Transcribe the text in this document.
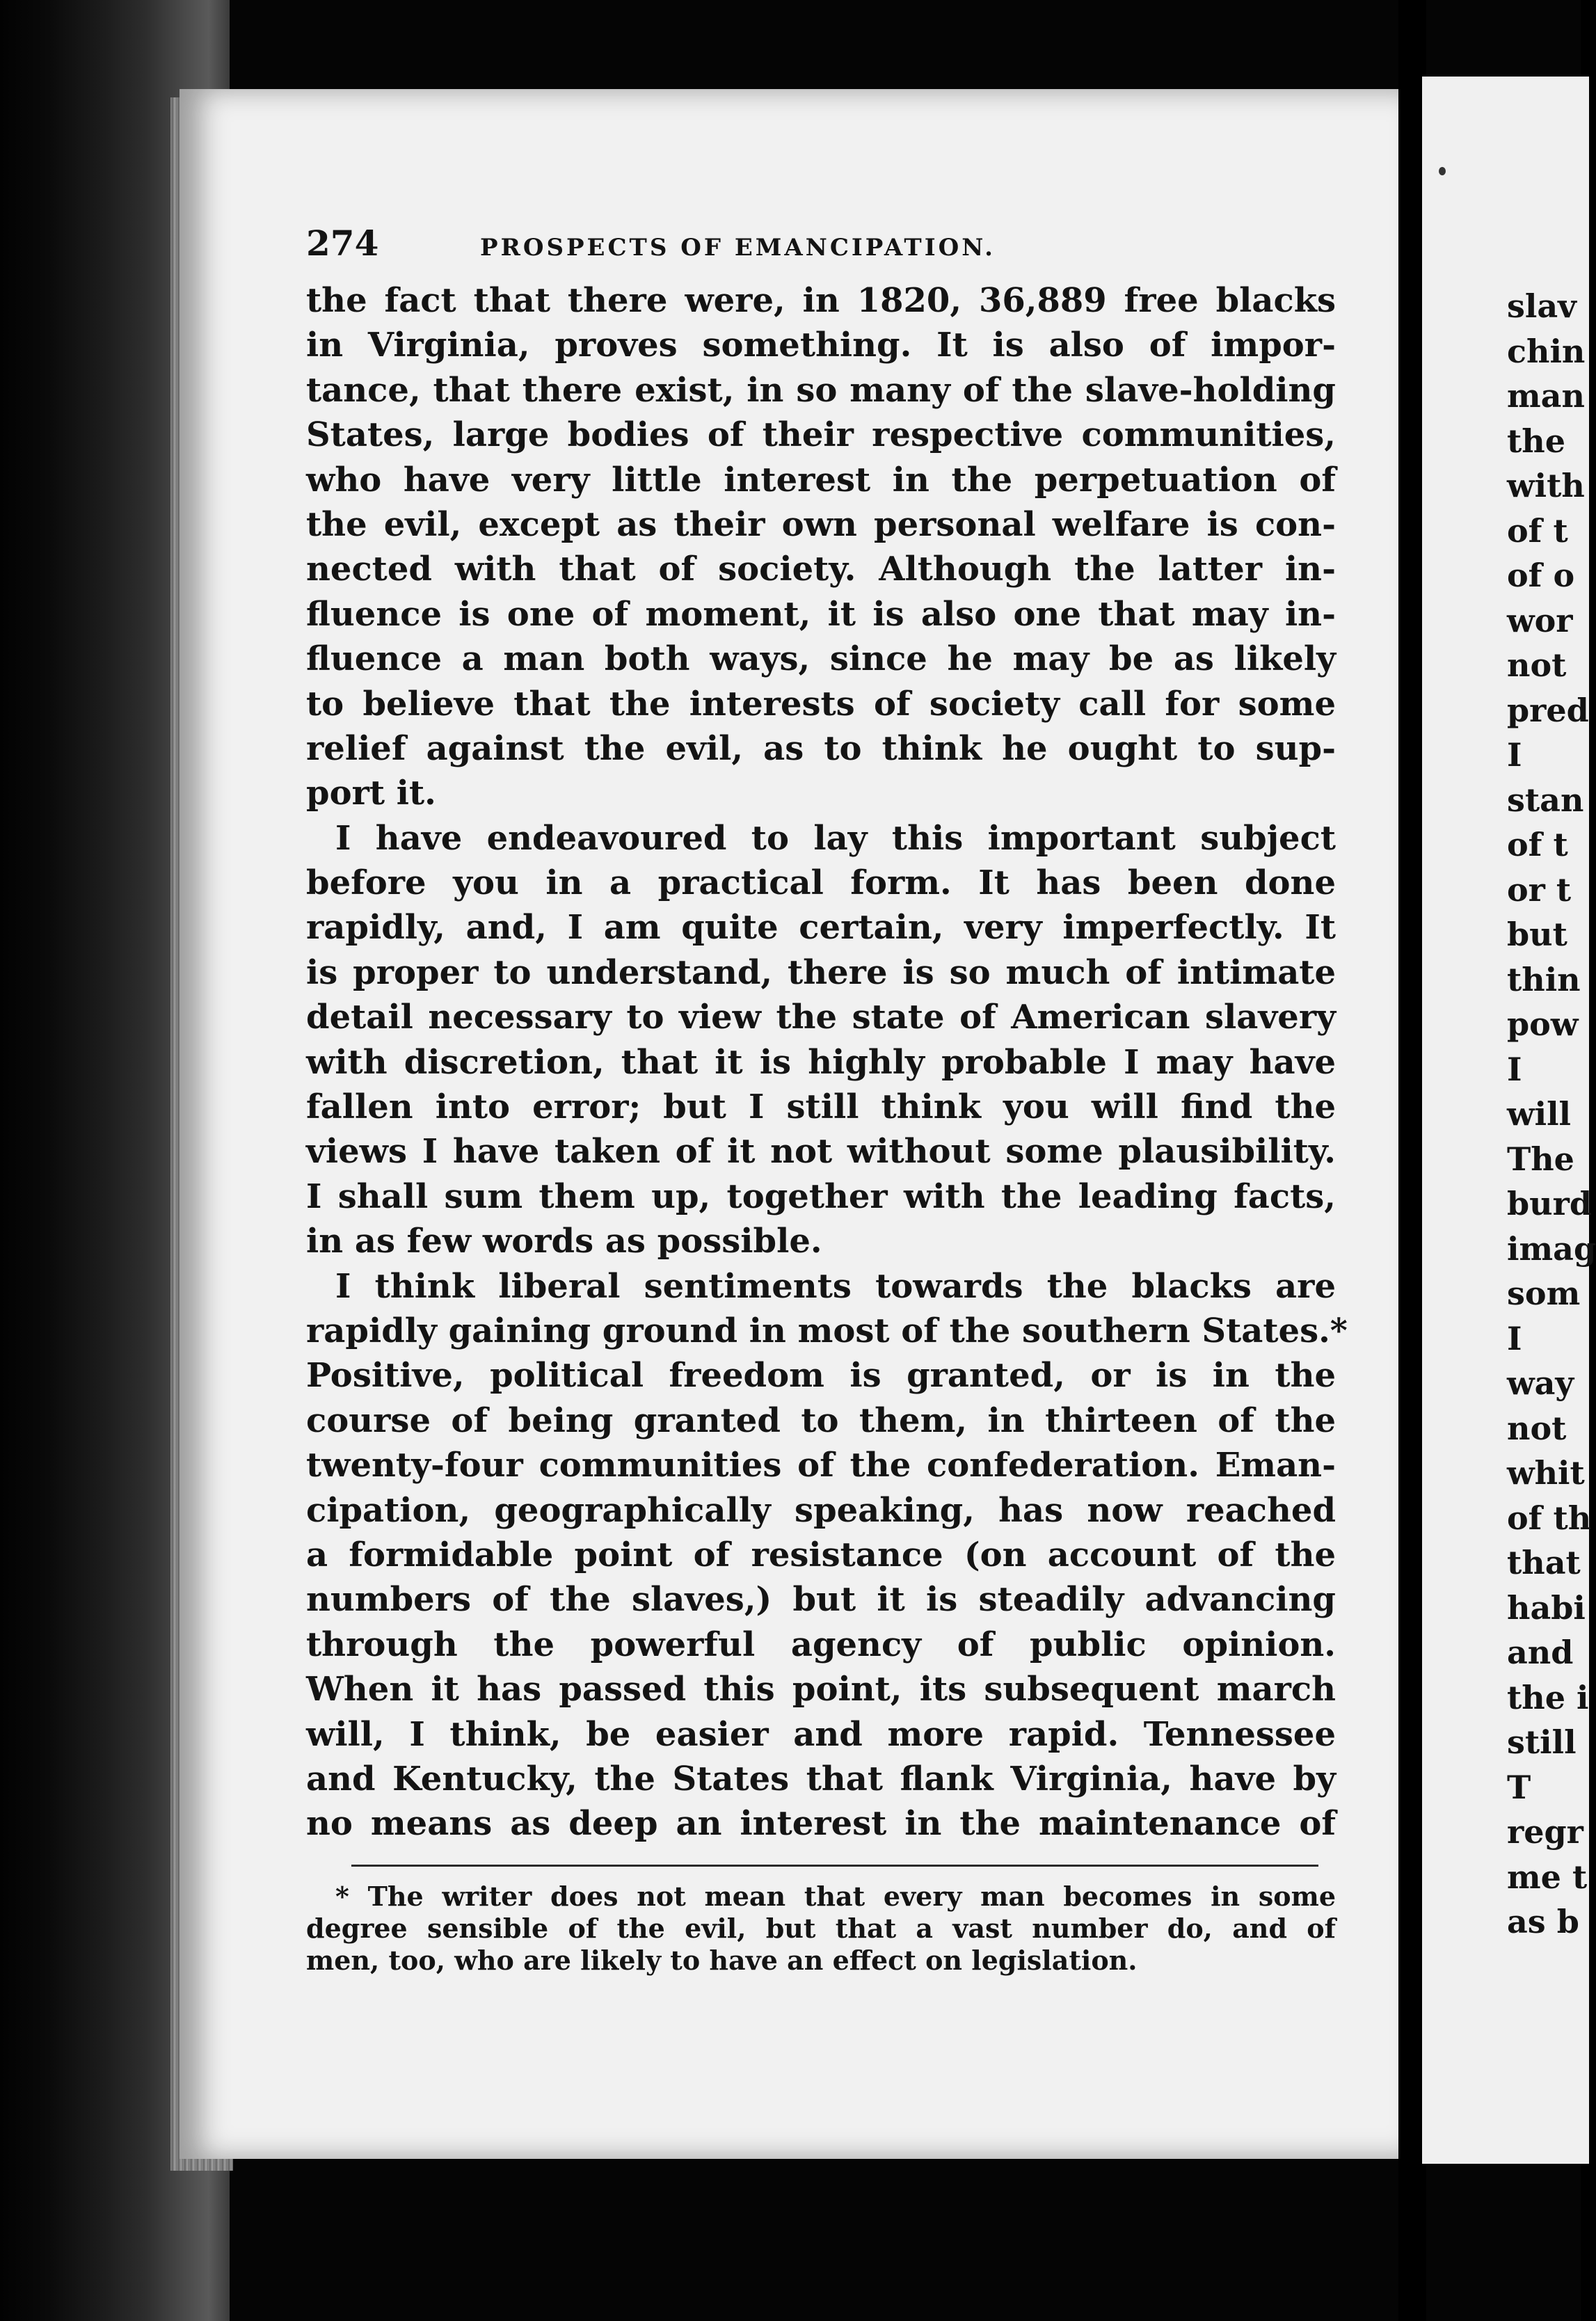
274	PROSPECTS OF EMANCIPATION.
the fact that there were, in 1820, 36,889 free blacks
in Virginia, proves something. It is also of impor-
tance, that there exist, in so many of the slave-holding
States, large bodies of their respective communities,
who have very little interest in the perpetuation of
the evil, except as their own personal welfare is con-
nected with that of society. Although the latter in-
fluence is one of moment, it is also one that may in-
fluence a man both ways, since he may be as likely
to believe that the interests of society call for some
relief against the evil, as to think he ought to sup-
port it.
I have endeavoured to lay this important subject
before you in a practical form. It has been done
rapidly, and, I am quite certain, very imperfectly. It
is proper to understand, there is so much of intimate
detail necessary to view the state of American slavery
with discretion, that it is highly probable I may have
fallen into error; but I still think you will find the
views I have taken of it not without some plausibility.
I shall sum them up, together with the leading facts,
in as few words as possible.
I think liberal sentiments towards the blacks are
rapidly gaining ground in most of the southern States.*
Positive, political freedom is granted, or is in the
course of being granted to them, in thirteen of the
twenty-four communities of the confederation. Eman-
cipation, geographically speaking, has now reached
a formidable point of resistance (on account of the
numbers of the slaves,) but it is steadily advancing
through the powerful agency of public opinion.
When it has passed this point, its subsequent march
will, I think, be easier and more rapid. Tennessee
and Kentucky, the States that flank Virginia, have by
no means as deep an interest in the maintenance of
* The writer does not mean that every man becomes in some
degree sensible of the evil, but that a vast number do, and of
men, too, who are likely to have an effect on legislation.
slav
chin
man
the
with
of t
of o
wor
not
pred
I
stan
of t
or t
but
thin
pow
I
will
The
burd
imag
som
I
way
not
whit
of th
that
habi
and
the i
still
T
regr
me t
as b
